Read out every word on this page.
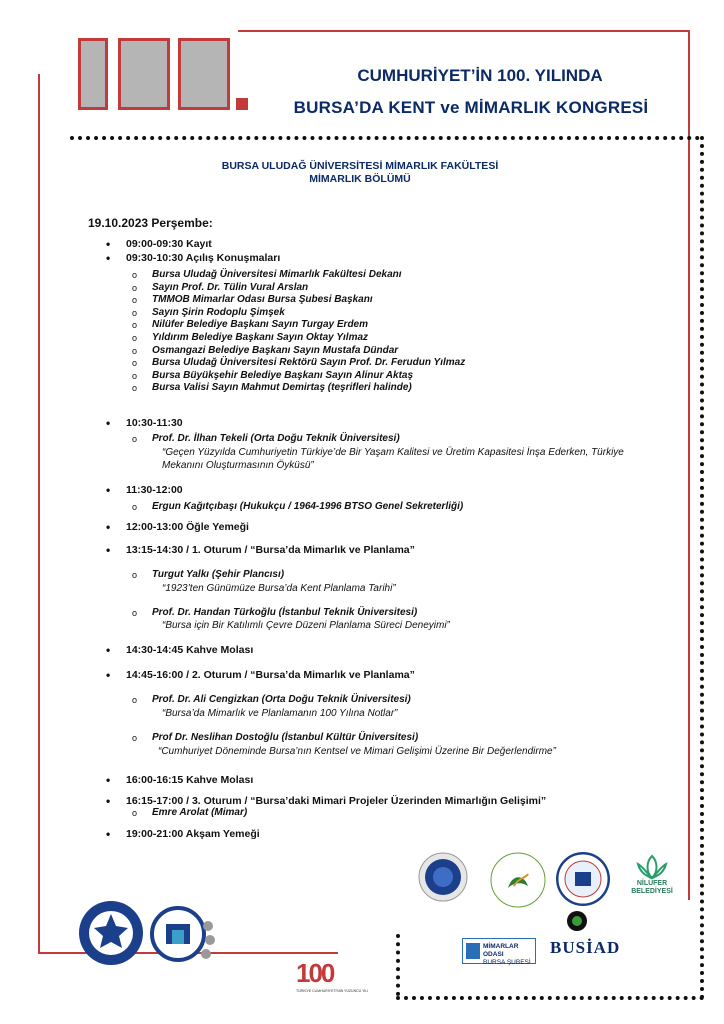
CUMHURİYET’İN 100. YILINDA
BURSA’DA KENT ve MİMARLIK KONGRESİ
BURSA ULUDAĞ ÜNİVERSİTESİ MİMARLIK FAKÜLTESİ
MİMARLIK BÖLÜMÜ
19.10.2023 Perşembe:
• 09:00-09:30 Kayıt
• 09:30-10:30 Açılış Konuşmaları
o Bursa Uludağ Üniversitesi Mimarlık Fakültesi Dekanı
o Sayın Prof. Dr. Tülin Vural Arslan
o TMMOB Mimarlar Odası Bursa Şubesi Başkanı
o Sayın Şirin Rodoplu Şimşek
o Nilüfer Belediye Başkanı Sayın Turgay Erdem
o Yıldırım Belediye Başkanı Sayın Oktay Yılmaz
o Osmangazi Belediye Başkanı Sayın Mustafa Dündar
o Bursa Uludağ Üniversitesi Rektörü Sayın Prof. Dr. Ferudun Yılmaz
o Bursa Büyükşehir Belediye Başkanı Sayın Alinur Aktaş
o Bursa Valisi Sayın Mahmut Demirtaş (teşrifleri halinde)
• 10:30-11:30
o Prof. Dr. İlhan Tekeli (Orta Doğu Teknik Üniversitesi)
“Geçen Yüzyılda Cumhuriyetin Türkiye’de Bir Yaşam Kalitesi ve Üretim Kapasitesi İnşa Ederken, Türkiye Mekanını Oluşturmasının Öyküsü”
• 11:30-12:00
o Ergun Kağıtçıbaşı (Hukukçu / 1964-1996 BTSO Genel Sekreterliği)
• 12:00-13:00 Öğle Yemeği
• 13:15-14:30 / 1. Oturum / “Bursa’da Mimarlık ve Planlama”
o Turgut Yalkı (Şehir Plancısı)
“1923’ten Günümüze Bursa’da Kent Planlama Tarihi”
o Prof. Dr. Handan Türkoğlu (İstanbul Teknik Üniversitesi)
“Bursa için Bir Katılımlı Çevre Düzeni Planlama Süreci Deneyimi”
• 14:30-14:45 Kahve Molası
• 14:45-16:00 / 2. Oturum / “Bursa’da Mimarlık ve Planlama”
o Prof. Dr. Ali Cengizkan (Orta Doğu Teknik Üniversitesi)
“Bursa’da Mimarlık ve Planlamanın 100 Yılına Notlar”
o Prof Dr. Neslihan Dostoğlu (İstanbul Kültür Üniversitesi)
“Cumhuriyet Döneminde Bursa’nın Kentsel ve Mimari Gelişimi Üzerine Bir Değerlendirme”
• 16:00-16:15 Kahve Molası
• 16:15-17:00 / 3. Oturum / “Bursa’daki Mimari Projeler Üzerinden Mimarlığın Gelişimi”
o Emre Arolat (Mimar)
• 19:00-21:00 Akşam Yemeği
NİLÜFER BELEDİYESİ
BUSİAD
MİMARLAR ODASI
BURSA ŞUBESİ
100
TÜRKİYE CUMHURİYETİ'NİN YÜZÜNCÜ YILI
